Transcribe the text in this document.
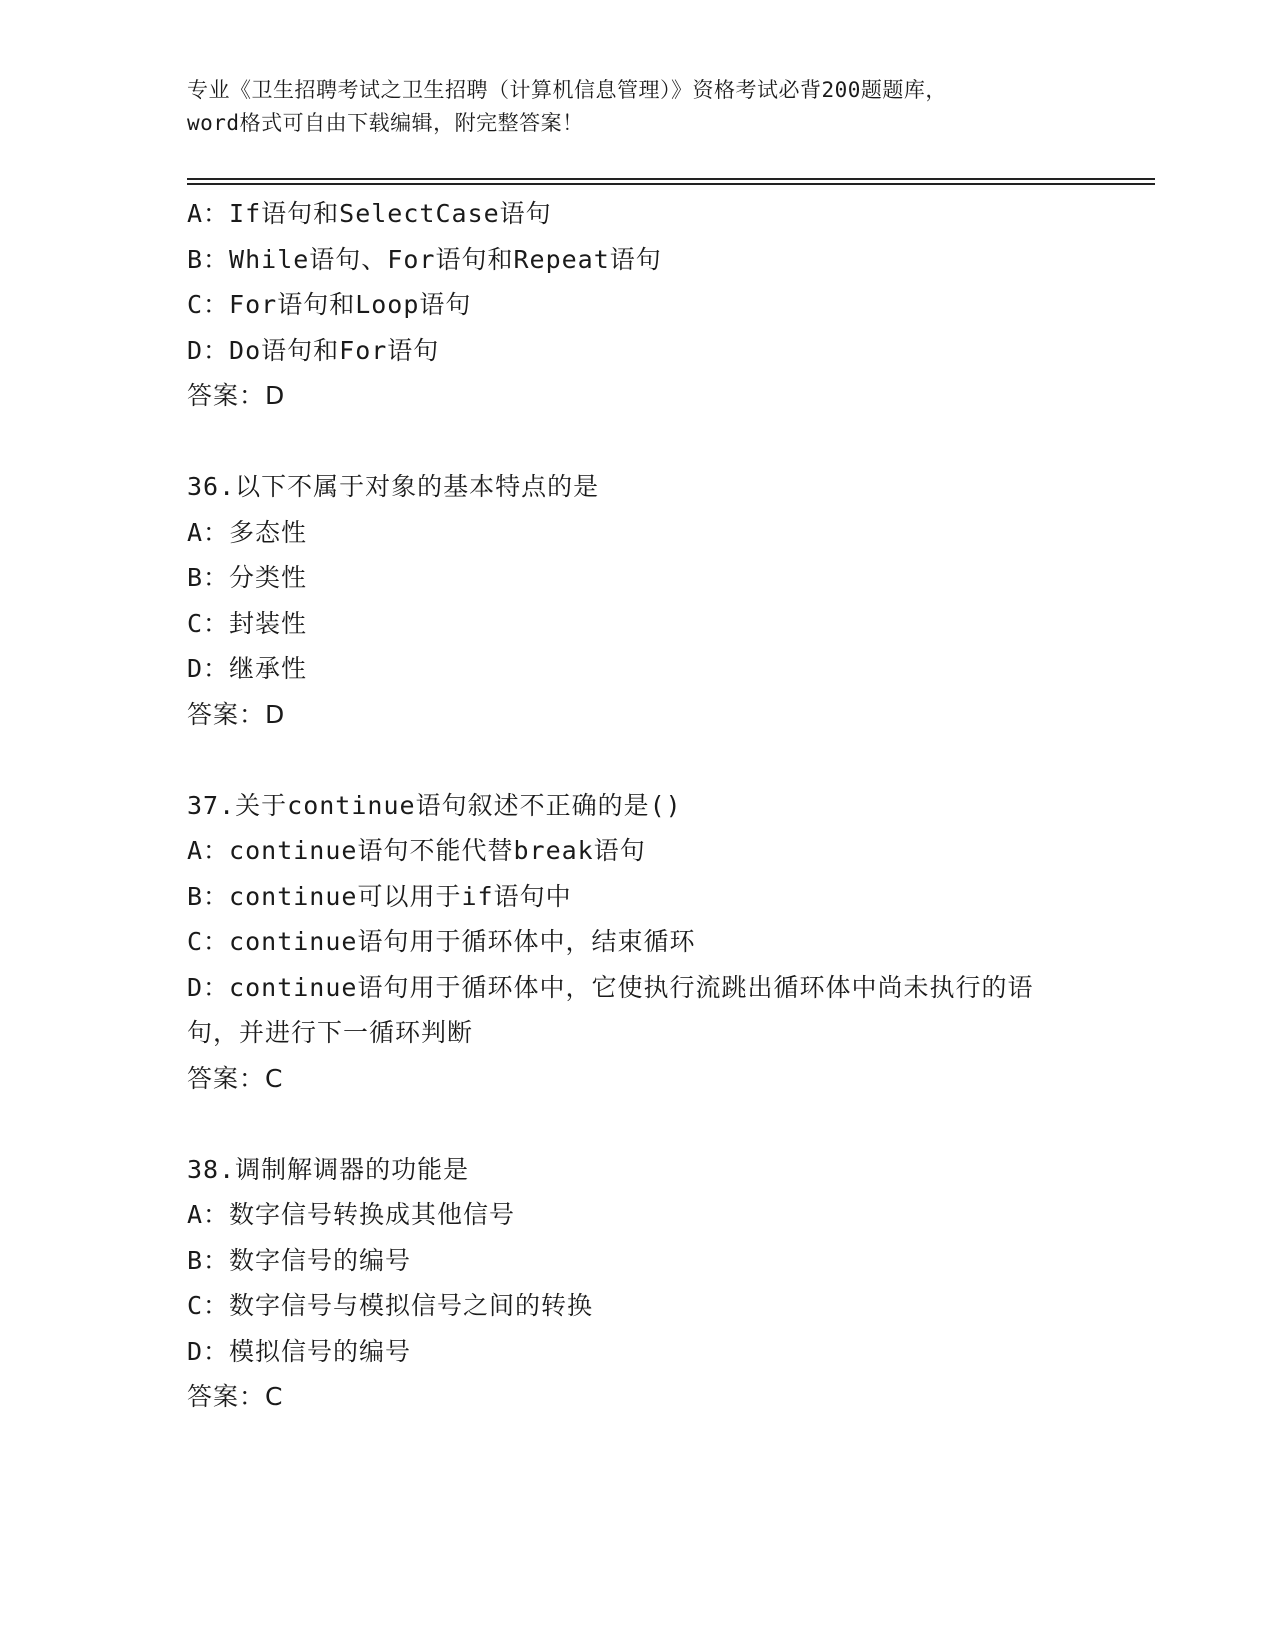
专业《卫生招聘考试之卫生招聘（计算机信息管理）》资格考试必背200题题库，
word格式可自由下载编辑，附完整答案！
A：If语句和SelectCase语句
B：While语句、For语句和Repeat语句
C：For语句和Loop语句
D：Do语句和For语句
答案：D
36.以下不属于对象的基本特点的是
A：多态性
B：分类性
C：封装性
D：继承性
答案：D
37.关于continue语句叙述不正确的是()
A：continue语句不能代替break语句
B：continue可以用于if语句中
C：continue语句用于循环体中，结束循环
D：continue语句用于循环体中，它使执行流跳出循环体中尚未执行的语句，并进行下一循环判断
答案：C
38.调制解调器的功能是
A：数字信号转换成其他信号
B：数字信号的编号
C：数字信号与模拟信号之间的转换
D：模拟信号的编号
答案：C
